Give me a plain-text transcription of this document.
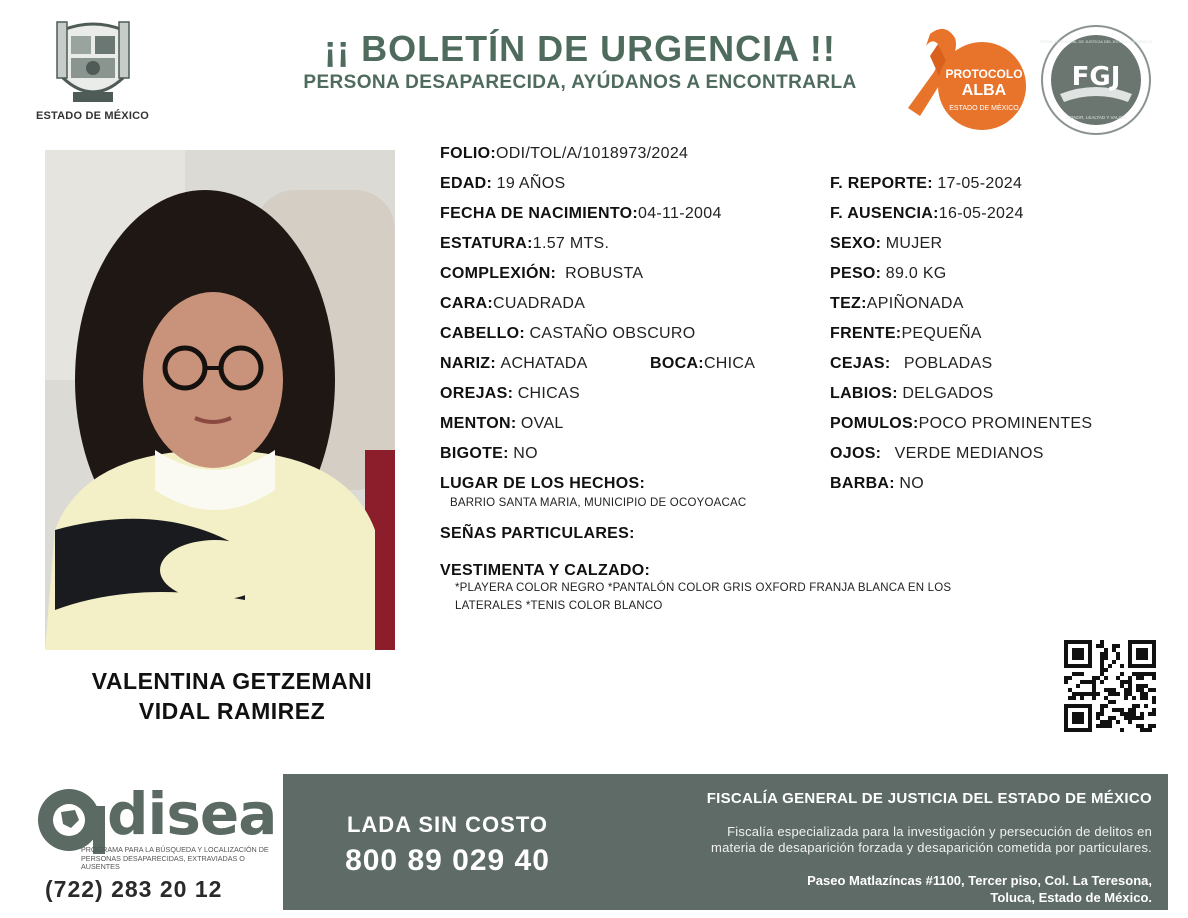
ESTADO DE MÉXICO
¡¡ BOLETÍN DE URGENCIA !!
PERSONA DESAPARECIDA, AYÚDANOS A ENCONTRARLA	PROTOCOLO
ALBA
ESTADO DE MÉXICO
FGJ
HONOR, LEALTAD Y VALOR
FISCALÍA GENERAL DE JUSTICIA DEL ESTADO DE MÉXICO
VALENTINA GETZEMANI
VIDAL RAMIREZ
FOLIO:ODI/TOL/A/1018973/2024
EDAD: 19 AÑOS
FECHA DE NACIMIENTO:04-11-2004
ESTATURA:1.57 MTS.
COMPLEXIÓN: ROBUSTA
CARA:CUADRADA
CABELLO: CASTAÑO OBSCURO
NARIZ: ACHATADA	BOCA:CHICA
OREJAS: CHICAS
MENTON: OVAL
BIGOTE: NO
LUGAR DE LOS HECHOS:
BARRIO SANTA MARIA, MUNICIPIO DE OCOYOACAC
SEÑAS PARTICULARES:
VESTIMENTA Y CALZADO:
*PLAYERA COLOR NEGRO *PANTALÓN COLOR GRIS OXFORD FRANJA BLANCA EN LOS LATERALES *TENIS COLOR BLANCO
F. REPORTE: 17-05-2024
F. AUSENCIA:16-05-2024
SEXO: MUJER
PESO: 89.0 KG
TEZ:APIÑONADA
FRENTE:PEQUEÑA
CEJAS: POBLADAS
LABIOS: DELGADOS
POMULOS:POCO PROMINENTES
OJOS: VERDE MEDIANOS
BARBA: NO
disea
PROGRAMA PARA LA BÚSQUEDA Y LOCALIZACIÓN DE PERSONAS DESAPARECIDAS, EXTRAVIADAS O AUSENTES
(722) 283 20 12
LADA SIN COSTO
800 89 029 40
FISCALÍA GENERAL DE JUSTICIA DEL ESTADO DE MÉXICO
Fiscalía especializada para la investigación y persecución de delitos en
materia de desaparición forzada y desaparición cometida por particulares.
Paseo Matlazíncas #1100, Tercer piso, Col. La Teresona,
Toluca, Estado de México.
